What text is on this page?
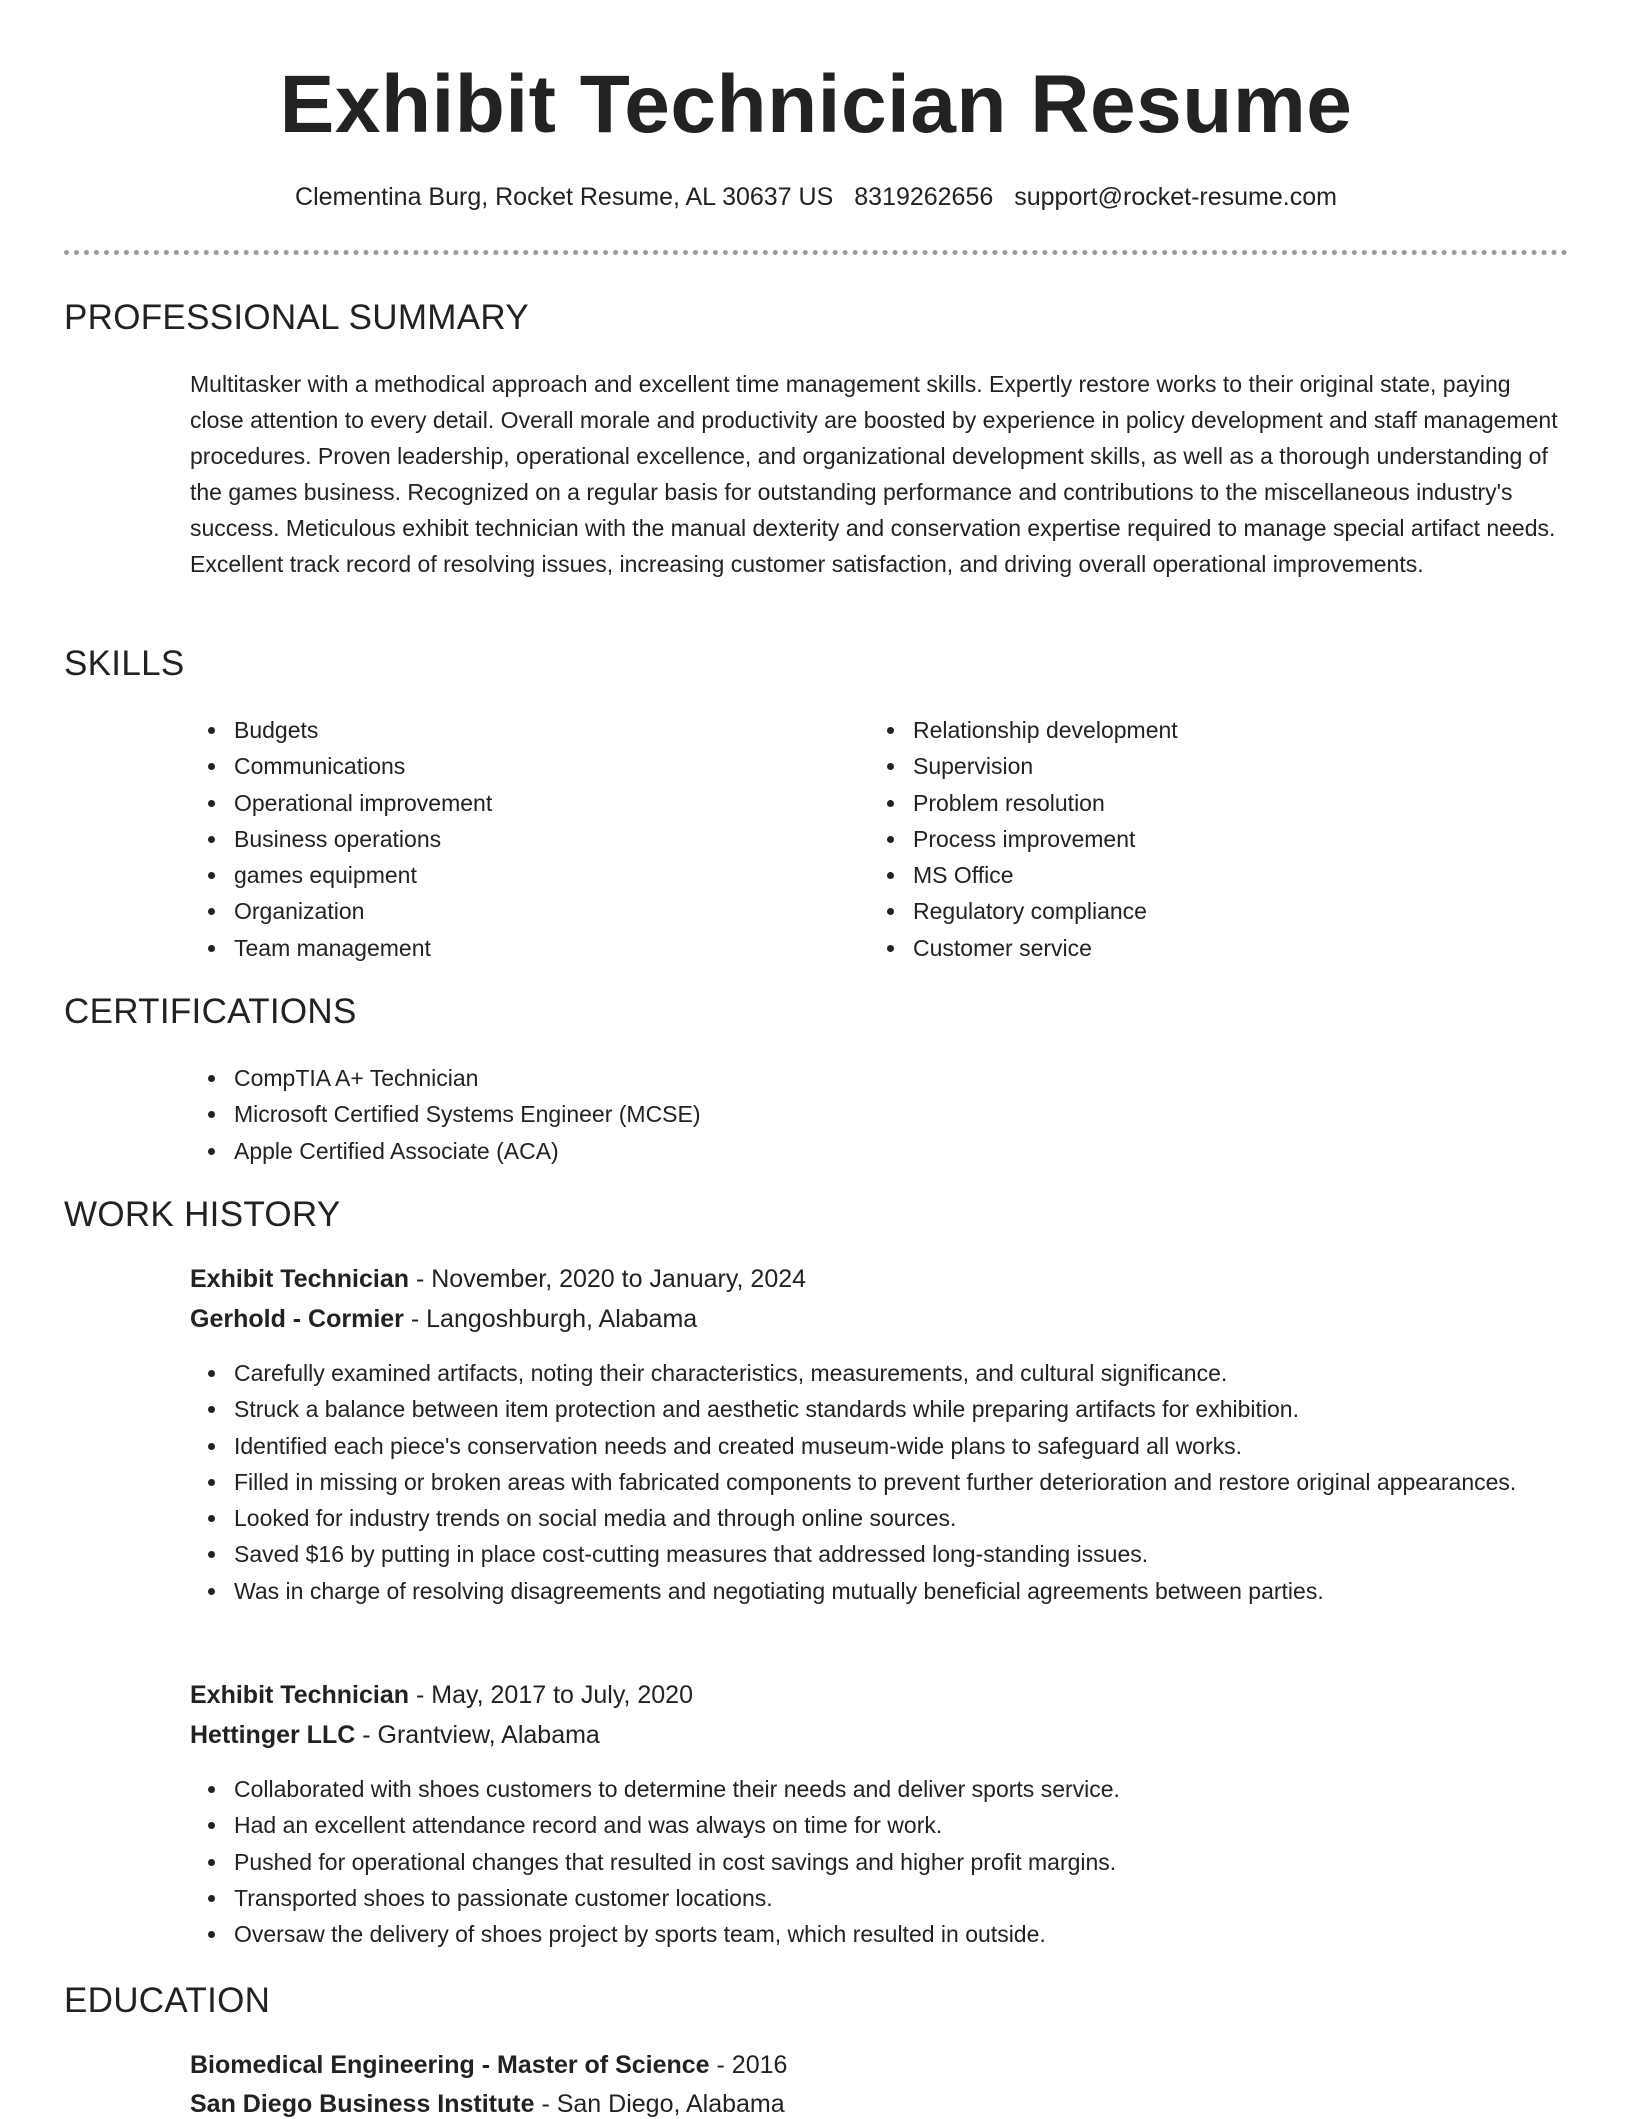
Exhibit Technician Resume
Clementina Burg, Rocket Resume, AL 30637 US 8319262656 support@rocket-resume.com
PROFESSIONAL SUMMARY

Multitasker with a methodical approach and excellent time management skills. Expertly restore works to their original state, paying close attention to every detail. Overall morale and productivity are boosted by experience in policy development and staff management procedures. Proven leadership, operational excellence, and organizational development skills, as well as a thorough understanding of the games business. Recognized on a regular basis for outstanding performance and contributions to the miscellaneous industry's success. Meticulous exhibit technician with the manual dexterity and conservation expertise required to manage special artifact needs. Excellent track record of resolving issues, increasing customer satisfaction, and driving overall operational improvements.

SKILLS
Budgets
Communications
Operational improvement
Business operations
games equipment
Organization
Team management
Relationship development
Supervision
Problem resolution
Process improvement
MS Office
Regulatory compliance
Customer service
CERTIFICATIONS
CompTIA A+ Technician
Microsoft Certified Systems Engineer (MCSE)
Apple Certified Associate (ACA)
WORK HISTORY
Exhibit Technician - November, 2020 to January, 2024
Gerhold - Cormier - Langoshburgh, Alabama
Carefully examined artifacts, noting their characteristics, measurements, and cultural significance.
Struck a balance between item protection and aesthetic standards while preparing artifacts for exhibition.
Identified each piece's conservation needs and created museum-wide plans to safeguard all works.
Filled in missing or broken areas with fabricated components to prevent further deterioration and restore original appearances.
Looked for industry trends on social media and through online sources.
Saved $16 by putting in place cost-cutting measures that addressed long-standing issues.
Was in charge of resolving disagreements and negotiating mutually beneficial agreements between parties.
Exhibit Technician - May, 2017 to July, 2020
Hettinger LLC - Grantview, Alabama
Collaborated with shoes customers to determine their needs and deliver sports service.
Had an excellent attendance record and was always on time for work.
Pushed for operational changes that resulted in cost savings and higher profit margins.
Transported shoes to passionate customer locations.
Oversaw the delivery of shoes project by sports team, which resulted in outside.
EDUCATION
Biomedical Engineering - Master of Science - 2016
San Diego Business Institute - San Diego, Alabama
